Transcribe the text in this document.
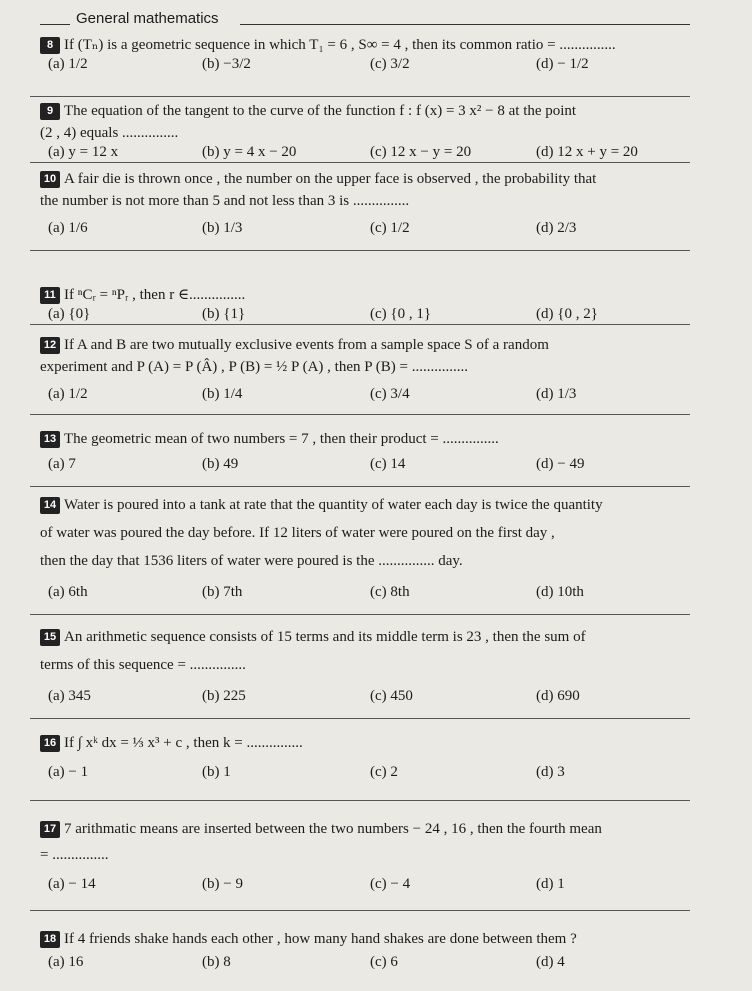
General mathematics
8 If (Tₙ) is a geometric sequence in which T₁ = 6 , S∞ = 4 , then its common ratio = ...............
(a) 1/2	(b) −3/2	(c) 3/2	(d) − 1/2
9 The equation of the tangent to the curve of the function f : f (x) = 3 x² − 8 at the point
(2 , 4) equals ...............
(a) y = 12 x	(b) y = 4 x − 20	(c) 12 x − y = 20	(d) 12 x + y = 20
10 A fair die is thrown once , the number on the upper face is observed , the probability that
the number is not more than 5 and not less than 3 is ...............
(a) 1/6	(b) 1/3	(c) 1/2	(d) 2/3
11 If ⁿCᵣ = ⁿPᵣ , then r ∈...............
(a) {0}	(b) {1}	(c) {0 , 1}	(d) {0 , 2}
12 If A and B are two mutually exclusive events from a sample space S of a random
experiment and P (A) = P (Â) , P (B) = ½ P (A) , then P (B) = ...............
(a) 1/2	(b) 1/4	(c) 3/4	(d) 1/3
13 The geometric mean of two numbers = 7 , then their product = ...............
(a) 7	(b) 49	(c) 14	(d) − 49
14 Water is poured into a tank at rate that the quantity of water each day is twice the quantity
of water was poured the day before. If 12 liters of water were poured on the first day ,
then the day that 1536 liters of water were poured is the ............... day.
(a) 6th	(b) 7th	(c) 8th	(d) 10th
15 An arithmetic sequence consists of 15 terms and its middle term is 23 , then the sum of
terms of this sequence = ...............
(a) 345	(b) 225	(c) 450	(d) 690
16 If ∫ xᵏ dx = ⅓ x³ + c , then k = ...............
(a) − 1	(b) 1	(c) 2	(d) 3
17 7 arithmatic means are inserted between the two numbers − 24 , 16 , then the fourth mean
= ...............
(a) − 14	(b) − 9	(c) − 4	(d) 1
18 If 4 friends shake hands each other , how many hand shakes are done between them ?
(a) 16	(b) 8	(c) 6	(d) 4
